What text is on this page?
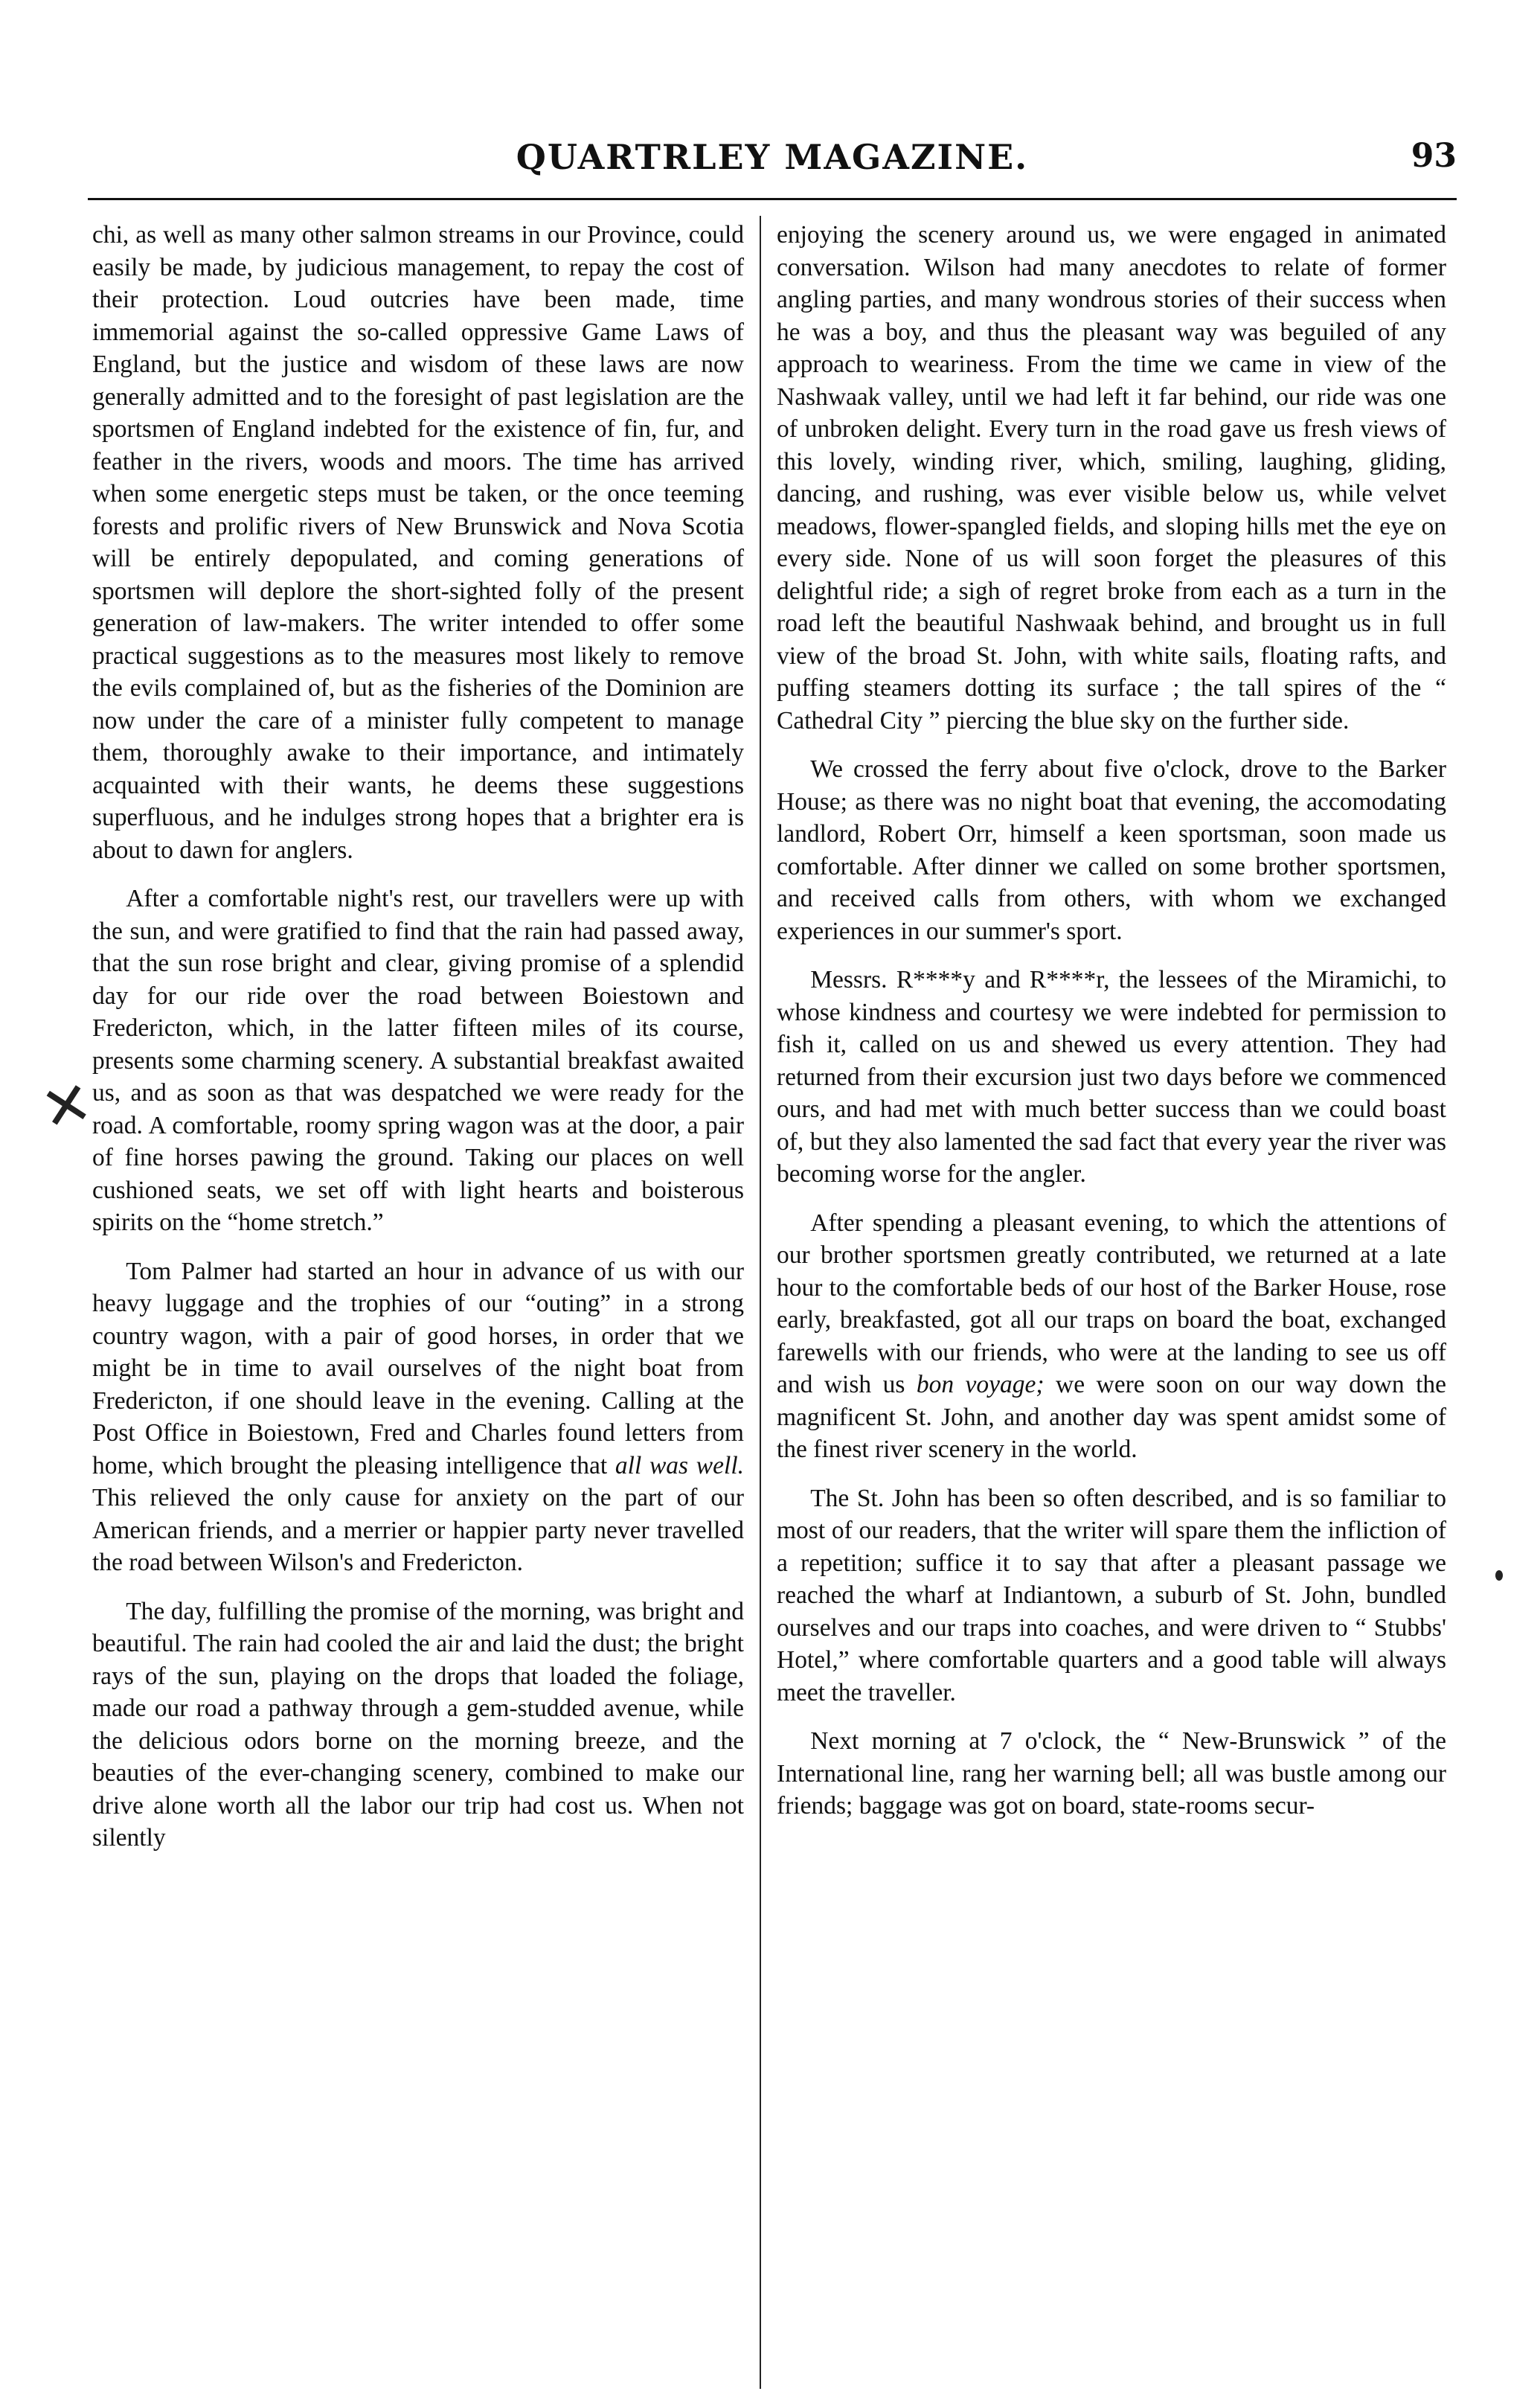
QUARTRLEY MAGAZINE.	93
✕

chi, as well as many other salmon streams in our Province, could easily be made, by judicious management, to repay the cost of their protection. Loud outcries have been made, time immemorial against the so-called oppressive Game Laws of England, but the justice and wisdom of these laws are now generally admitted and to the foresight of past legislation are the sportsmen of England indebted for the existence of fin, fur, and feather in the rivers, woods and moors. The time has arrived when some energetic steps must be taken, or the once teeming forests and prolific rivers of New Brunswick and Nova Scotia will be entirely depopulated, and coming generations of sportsmen will deplore the short-sighted folly of the present generation of law-makers. The writer intended to offer some practical suggestions as to the measures most likely to remove the evils complained of, but as the fisheries of the Dominion are now under the care of a minister fully competent to manage them, thoroughly awake to their importance, and intimately acquainted with their wants, he deems these suggestions superfluous, and he indulges strong hopes that a brighter era is about to dawn for anglers.

After a comfortable night's rest, our travellers were up with the sun, and were gratified to find that the rain had passed away, that the sun rose bright and clear, giving promise of a splendid day for our ride over the road between Boiestown and Fredericton, which, in the latter fifteen miles of its course, presents some charming scenery. A substantial breakfast awaited us, and as soon as that was despatched we were ready for the road. A comfortable, roomy spring wagon was at the door, a pair of fine horses pawing the ground. Taking our places on well cushioned seats, we set off with light hearts and boisterous spirits on the “home stretch.”

Tom Palmer had started an hour in advance of us with our heavy luggage and the trophies of our “outing” in a strong country wagon, with a pair of good horses, in order that we might be in time to avail ourselves of the night boat from Fredericton, if one should leave in the evening. Calling at the Post Office in Boiestown, Fred and Charles found letters from home, which brought the pleasing intelligence that all was well. This relieved the only cause for anxiety on the part of our American friends, and a merrier or happier party never travelled the road between Wilson's and Fredericton.

The day, fulfilling the promise of the morning, was bright and beautiful. The rain had cooled the air and laid the dust; the bright rays of the sun, playing on the drops that loaded the foliage, made our road a pathway through a gem-studded avenue, while the delicious odors borne on the morning breeze, and the beauties of the ever-changing scenery, combined to make our drive alone worth all the labor our trip had cost us. When not silently

enjoying the scenery around us, we were engaged in animated conversation. Wilson had many anecdotes to relate of former angling parties, and many wondrous stories of their success when he was a boy, and thus the pleasant way was beguiled of any approach to weariness. From the time we came in view of the Nashwaak valley, until we had left it far behind, our ride was one of unbroken delight. Every turn in the road gave us fresh views of this lovely, winding river, which, smiling, laughing, gliding, dancing, and rushing, was ever visible below us, while velvet meadows, flower-spangled fields, and sloping hills met the eye on every side. None of us will soon forget the pleasures of this delightful ride; a sigh of regret broke from each as a turn in the road left the beautiful Nashwaak behind, and brought us in full view of the broad St. John, with white sails, floating rafts, and puffing steamers dotting its surface ; the tall spires of the “ Cathedral City ” piercing the blue sky on the further side.

We crossed the ferry about five o'clock, drove to the Barker House; as there was no night boat that evening, the accomodating landlord, Robert Orr, himself a keen sportsman, soon made us comfortable. After dinner we called on some brother sportsmen, and received calls from others, with whom we exchanged experiences in our summer's sport.

Messrs. R****y and R****r, the lessees of the Miramichi, to whose kindness and courtesy we were indebted for permission to fish it, called on us and shewed us every attention. They had returned from their excursion just two days before we commenced ours, and had met with much better success than we could boast of, but they also lamented the sad fact that every year the river was becoming worse for the angler.

After spending a pleasant evening, to which the attentions of our brother sportsmen greatly contributed, we returned at a late hour to the comfortable beds of our host of the Barker House, rose early, breakfasted, got all our traps on board the boat, exchanged farewells with our friends, who were at the landing to see us off and wish us bon voyage; we were soon on our way down the magnificent St. John, and another day was spent amidst some of the finest river scenery in the world.

The St. John has been so often described, and is so familiar to most of our readers, that the writer will spare them the infliction of a repetition; suffice it to say that after a pleasant passage we reached the wharf at Indiantown, a suburb of St. John, bundled ourselves and our traps into coaches, and were driven to “ Stubbs' Hotel,” where comfortable quarters and a good table will always meet the traveller.

Next morning at 7 o'clock, the “ New-Brunswick ” of the International line, rang her warning bell; all was bustle among our friends; baggage was got on board, state-rooms secur-
